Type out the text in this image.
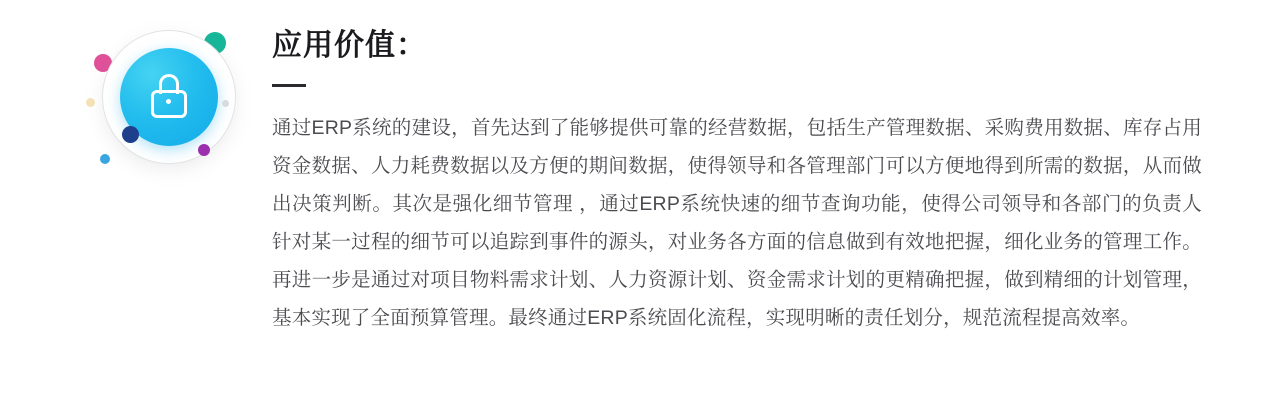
应用价值：

通过ERP系统的建设，首先达到了能够提供可靠的经营数据，包括生产管理数据、采购费用数据、库存占用资金数据、人力耗费数据以及方便的期间数据，使得领导和各管理部门可以方便地得到所需的数据，从而做出决策判断。其次是强化细节管理 ，通过ERP系统快速的细节查询功能，使得公司领导和各部门的负责人针对某一过程的细节可以追踪到事件的源头，对业务各方面的信息做到有效地把握，细化业务的管理工作。再进一步是通过对项目物料需求计划、人力资源计划、资金需求计划的更精确把握，做到精细的计划管理，基本实现了全面预算管理。最终通过ERP系统固化流程，实现明晰的责任划分，规范流程提高效率。
